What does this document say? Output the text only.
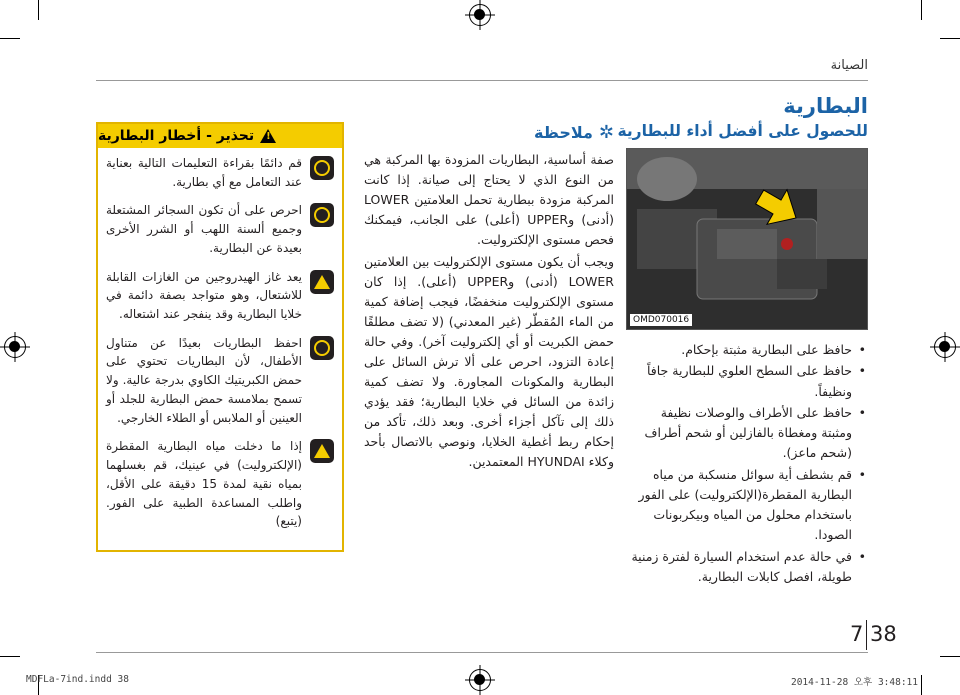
الصيانة
البطارية
للحصول على أفضل أداء للبطارية
OMD070016
• حافظ على البطارية مثبتة بإحكام.
• حافظ على السطح العلوي للبطارية جافاً ونظيفاً.
• حافظ على الأطراف والوصلات نظيفة ومثبتة ومغطاة بالفازلين أو شحم أطراف (شحم ماعز).
• قم بشطف أية سوائل منسكبة من مياه البطارية المقطرة(الإلكتروليت) على الفور باستخدام محلول من المياه وبيكربونات الصودا.
• في حالة عدم استخدام السيارة لفترة زمنية طويلة، افصل كابلات البطارية.
✲
ملاحظة

صفة أساسية، البطاريات المزودة بها المركبة هي من النوع الذي لا يحتاج إلى صيانة. إذا كانت المركبة مزودة ببطارية تحمل العلامتين LOWER (أدنى) وUPPER (أعلى) على الجانب، فيمكنك فحص مستوى الإلكتروليت.

ويجب أن يكون مستوى الإلكتروليت بين العلامتين LOWER (أدنى) وUPPER (أعلى). إذا كان مستوى الإلكتروليت منخفضًا، فيجب إضافة كمية من الماء المُقطّر (غير المعدني) (لا تضف مطلقًا حمض الكبريت أو أي إلكتروليت آخر). وفي حالة إعادة التزود، احرص على ألا ترش السائل على البطارية والمكونات المجاورة. ولا تضف كمية زائدة من السائل في خلايا البطارية؛ فقد يؤدي ذلك إلى تآكل أجزاء أخرى. وبعد ذلك، تأكد من إحكام ربط أغطية الخلايا، ونوصي بالاتصال بأحد وكلاء HYUNDAI المعتمدين.

!
تحذير - أخطار البطارية
قم دائمًا بقراءة التعليمات التالية بعناية عند التعامل مع أي بطارية.
احرص على أن تكون السجائر المشتعلة وجميع ألسنة اللهب أو الشرر الأخرى بعيدة عن البطارية.
يعد غاز الهيدروجين من الغازات القابلة للاشتعال، وهو متواجد بصفة دائمة في خلايا البطارية وقد ينفجر عند اشتعاله.
احفظ البطاريات بعيدًا عن متناول الأطفال، لأن البطاريات تحتوي على حمض الكبريتيك الكاوي بدرجة عالية. ولا تسمح بملامسة حمض البطارية للجلد أو العينين أو الملابس أو الطلاء الخارجي.
إذا ما دخلت مياه البطارية المقطرة (الإلكتروليت) في عينيك، قم بغسلهما بمياه نقية لمدة 15 دقيقة على الأقل، واطلب المساعدة الطبية على الفور. (يتبع)
7 38
MDFLa-7ind.indd 38	2014-11-28 오후 3:48:11
